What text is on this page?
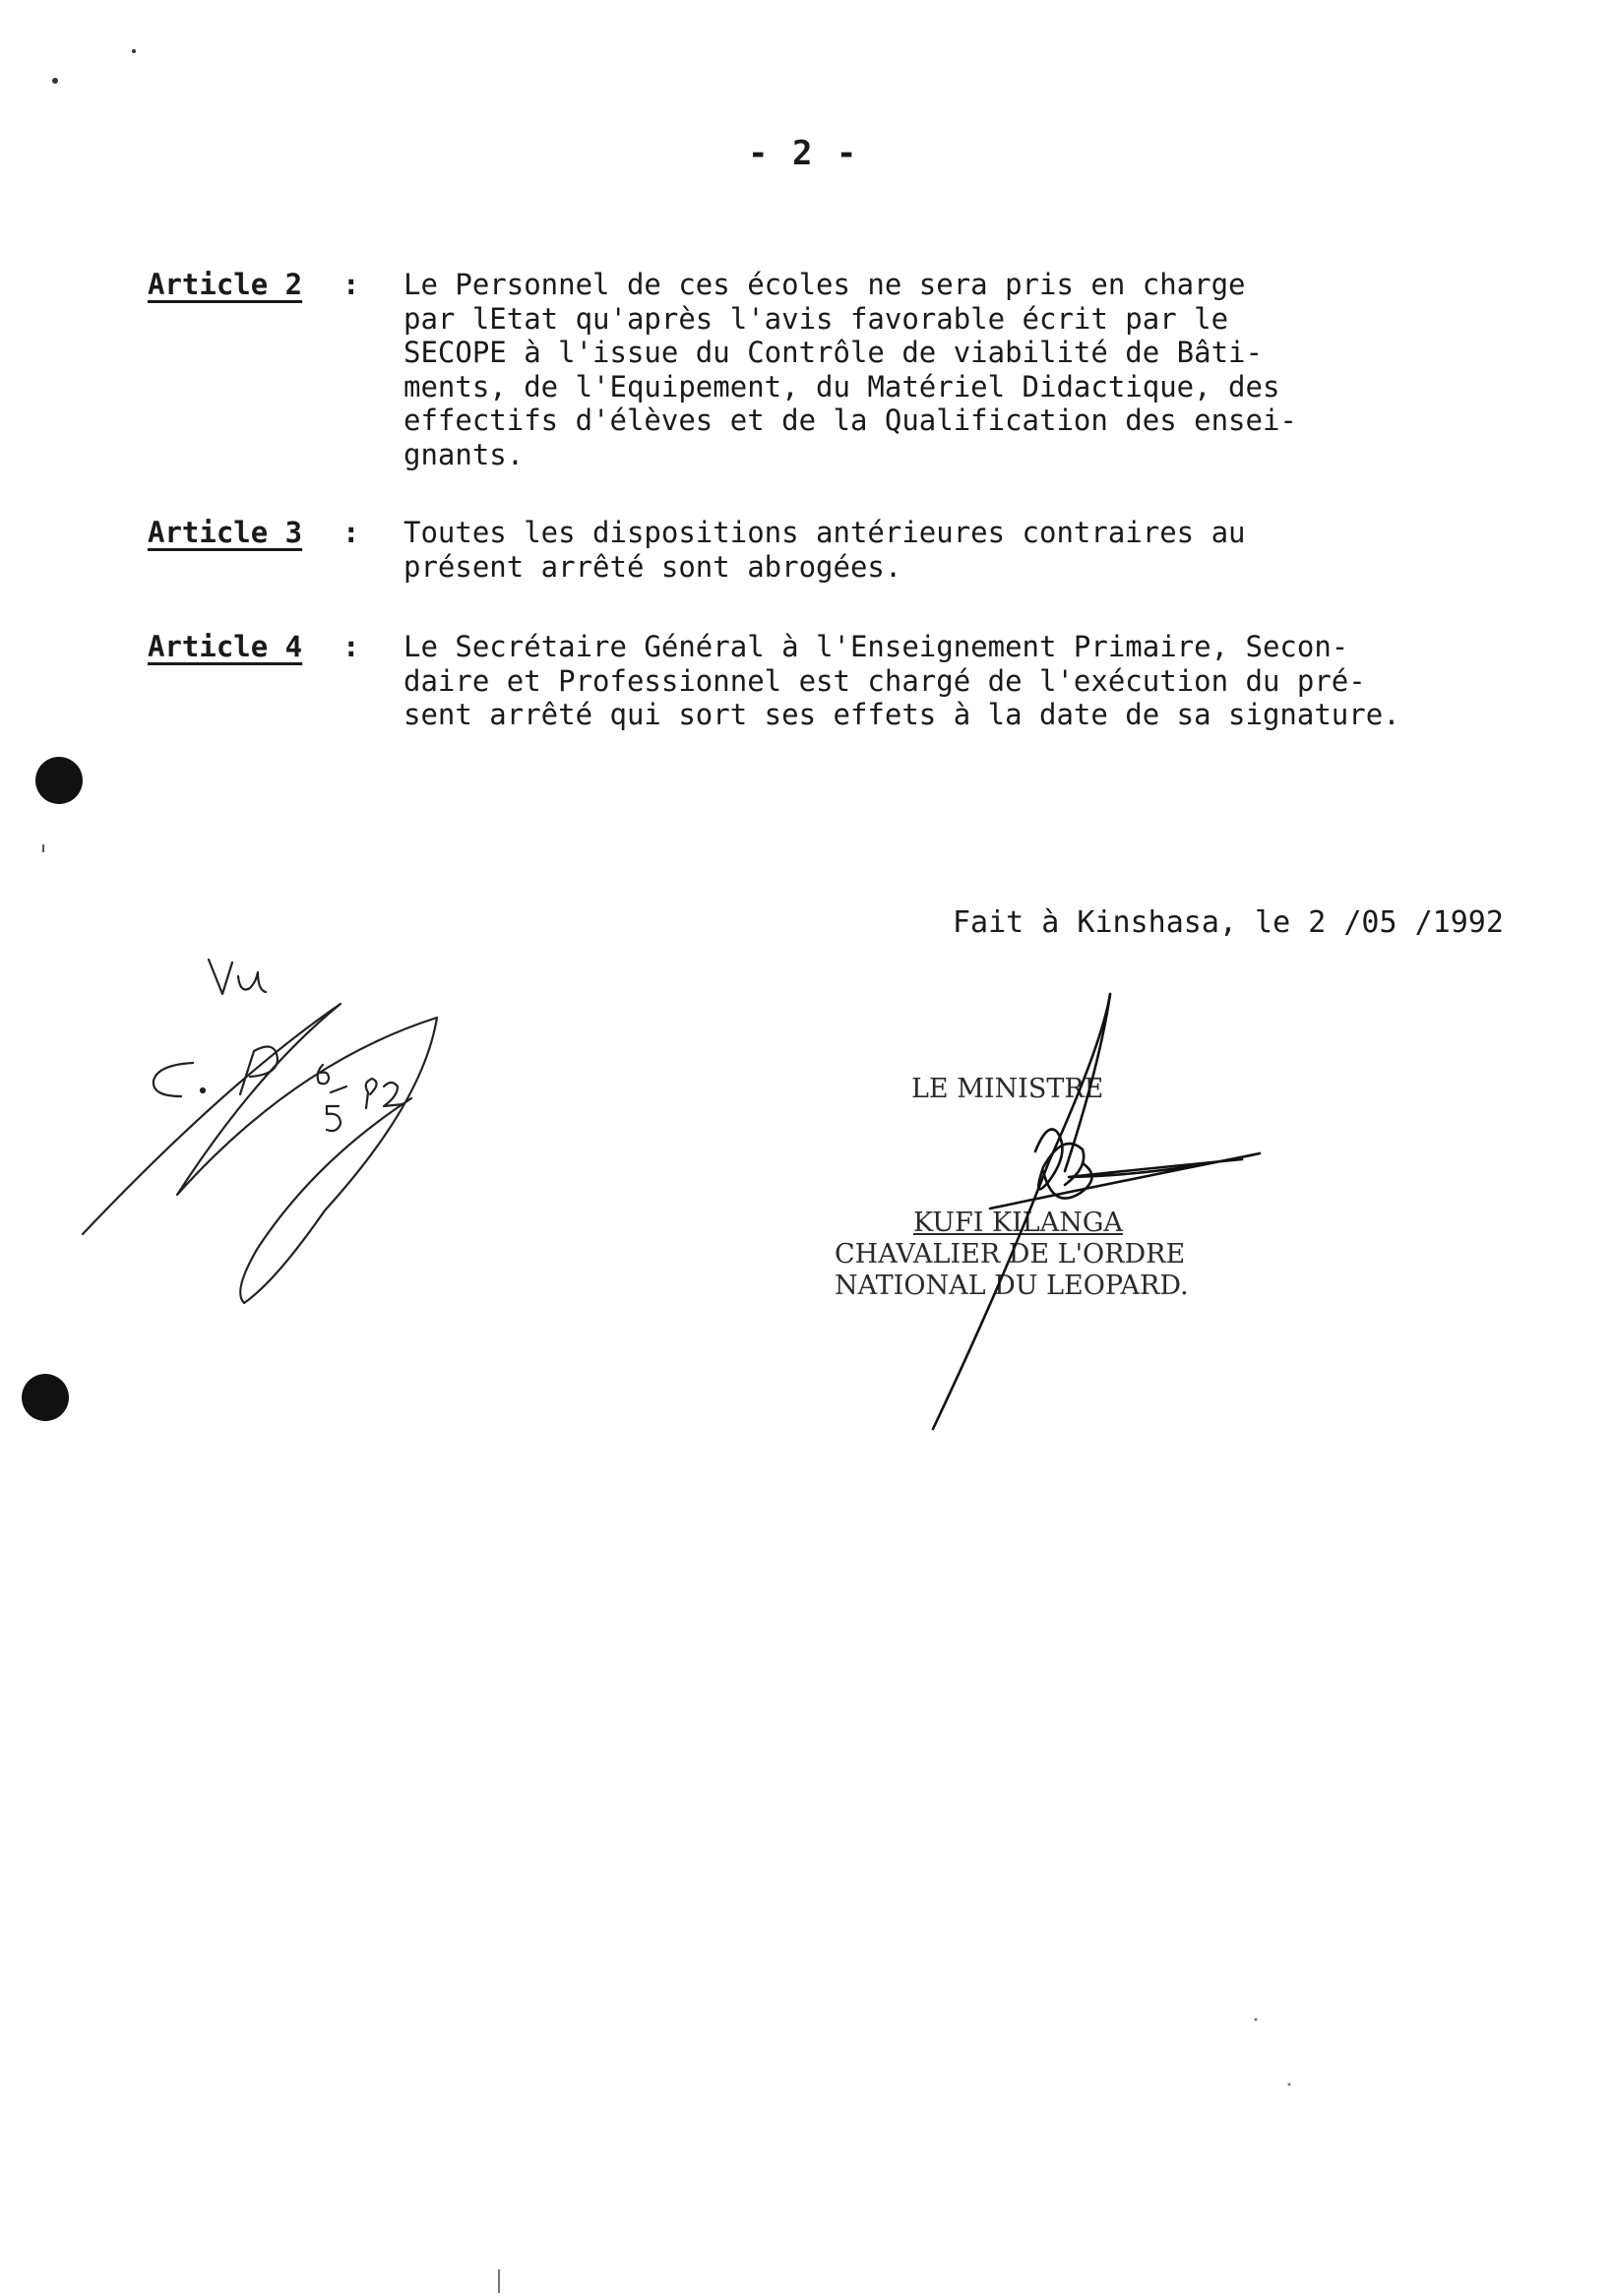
- 2 -
Article 2 : Le Personnel de ces écoles ne sera pris en charge
par lEtat qu'après l'avis favorable écrit par le
SECOPE à l'issue du Contrôle de viabilité de Bâti-
ments, de l'Equipement, du Matériel Didactique, des
effectifs d'élèves et de la Qualification des ensei-
gnants.
Article 3 : Toutes les dispositions antérieures contraires au
présent arrêté sont abrogées.
Article 4 : Le Secrétaire Général à l'Enseignement Primaire, Secon-
daire et Professionnel est chargé de l'exécution du pré-
sent arrêté qui sort ses effets à la date de sa signature.
Fait à Kinshasa, le 2 /05 /1992
LE MINISTRE
KUFI KILANGA
CHAVALIER DE L'ORDRE
NATIONAL DU LEOPARD.
